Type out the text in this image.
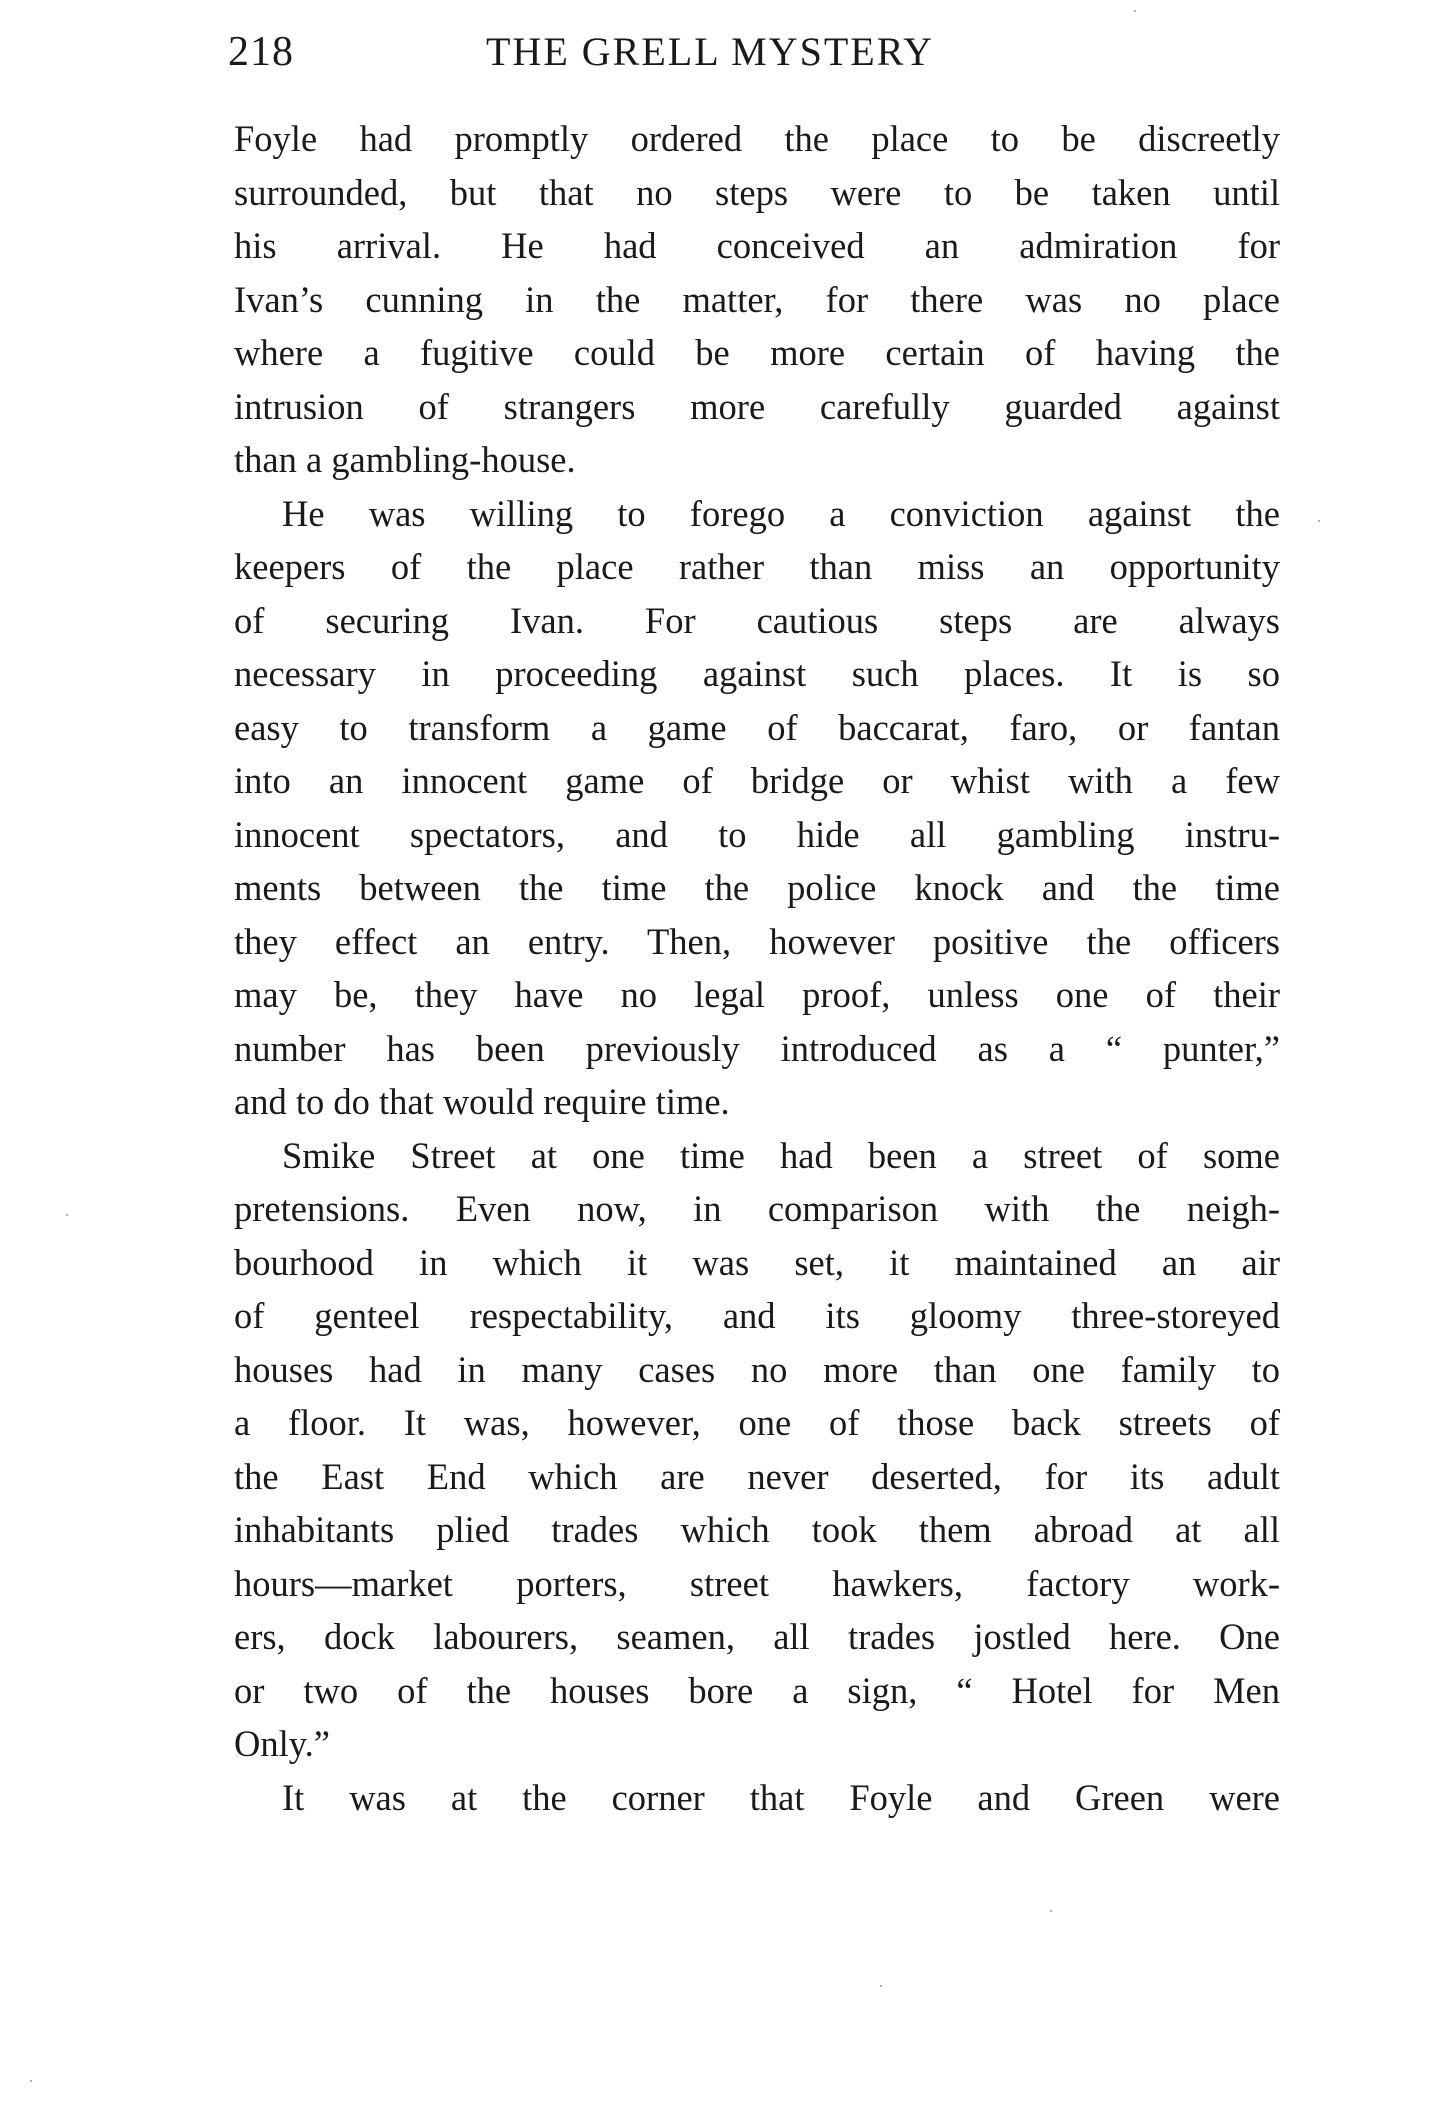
218	THE GRELL MYSTERY
Foyle had promptly ordered the place to be discreetly
surrounded, but that no steps were to be taken until
his arrival. He had conceived an admiration for
Ivan’s cunning in the matter, for there was no place
where a fugitive could be more certain of having the
intrusion of strangers more carefully guarded against
than a gambling-house.
He was willing to forego a conviction against the
keepers of the place rather than miss an opportunity
of securing Ivan. For cautious steps are always
necessary in proceeding against such places. It is so
easy to transform a game of baccarat, faro, or fantan
into an innocent game of bridge or whist with a few
innocent spectators, and to hide all gambling instru-
ments between the time the police knock and the time
they effect an entry. Then, however positive the officers
may be, they have no legal proof, unless one of their
number has been previously introduced as a “ punter,”
and to do that would require time.
Smike Street at one time had been a street of some
pretensions. Even now, in comparison with the neigh-
bourhood in which it was set, it maintained an air
of genteel respectability, and its gloomy three-storeyed
houses had in many cases no more than one family to
a floor. It was, however, one of those back streets of
the East End which are never deserted, for its adult
inhabitants plied trades which took them abroad at all
hours—market porters, street hawkers, factory work-
ers, dock labourers, seamen, all trades jostled here. One
or two of the houses bore a sign, “ Hotel for Men
Only.”
It was at the corner that Foyle and Green were
